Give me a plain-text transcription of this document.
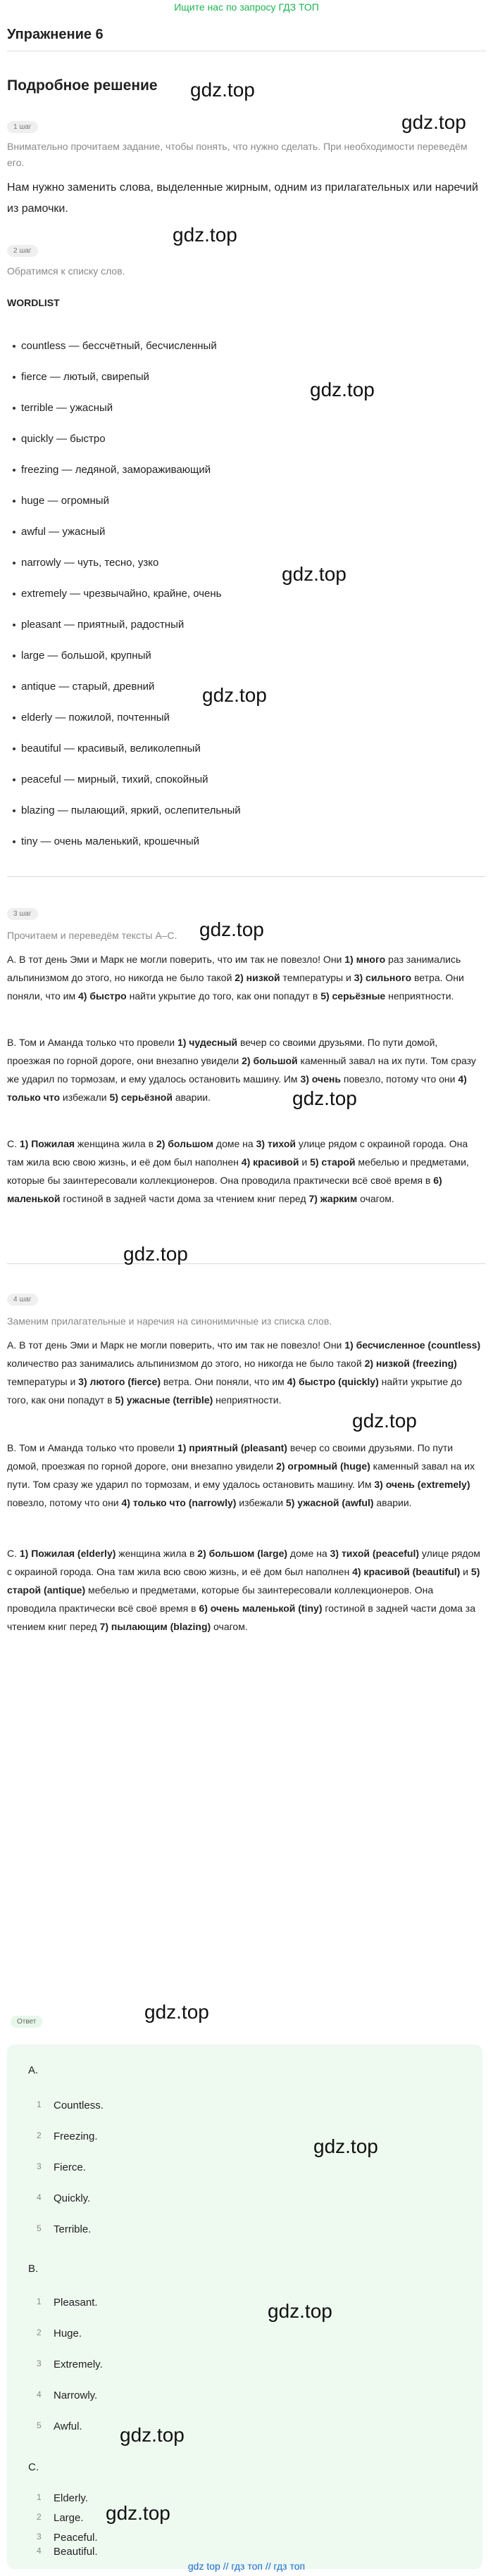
Ищите нас по запросу ГДЗ ТОП
Упражнение 6
Подробное решение
1 шаг
Внимательно прочитаем задание, чтобы понять, что нужно сделать. При необходимости переведём его.
Нам нужно заменить слова, выделенные жирным, одним из прилагательных или наречий из рамочки.
2 шаг
Обратимся к списку слов.
WORDLIST
countless — бессчётный, бесчисленный
fierce — лютый, свирепый
terrible — ужасный
quickly — быстро
freezing — ледяной, замораживающий
huge — огромный
awful — ужасный
narrowly — чуть, тесно, узко
extremely — чрезвычайно, крайне, очень
pleasant — приятный, радостный
large — большой, крупный
antique — старый, древний
elderly — пожилой, почтенный
beautiful — красивый, великолепный
peaceful — мирный, тихий, спокойный
blazing — пылающий, яркий, ослепительный
tiny — очень маленький, крошечный
3 шаг
Прочитаем и переведём тексты A–C.
A. В тот день Эми и Марк не могли поверить, что им так не повезло! Они 1) много раз занимались альпинизмом до этого, но никогда не было такой 2) низкой температуры и 3) сильного ветра. Они поняли, что им 4) быстро найти укрытие до того, как они попадут в 5) серьёзные неприятности.
B. Том и Аманда только что провели 1) чудесный вечер со своими друзьями. По пути домой, проезжая по горной дороге, они внезапно увидели 2) большой каменный завал на их пути. Том сразу же ударил по тормозам, и ему удалось остановить машину. Им 3) очень повезло, потому что они 4) только что избежали 5) серьёзной аварии.
C. 1) Пожилая женщина жила в 2) большом доме на 3) тихой улице рядом с окраиной города. Она там жила всю свою жизнь, и её дом был наполнен 4) красивой и 5) старой мебелью и предметами, которые бы заинтересовали коллекционеров. Она проводила практически всё своё время в 6) маленькой гостиной в задней части дома за чтением книг перед 7) жарким очагом.
4 шаг
Заменим прилагательные и наречия на синонимичные из списка слов.
A. В тот день Эми и Марк не могли поверить, что им так не повезло! Они 1) бесчисленное (countless) количество раз занимались альпинизмом до этого, но никогда не было такой 2) низкой (freezing) температуры и 3) лютого (fierce) ветра. Они поняли, что им 4) быстро (quickly) найти укрытие до того, как они попадут в 5) ужасные (terrible) неприятности.
B. Том и Аманда только что провели 1) приятный (pleasant) вечер со своими друзьями. По пути домой, проезжая по горной дороге, они внезапно увидели 2) огромный (huge) каменный завал на их пути. Том сразу же ударил по тормозам, и ему удалось остановить машину. Им 3) очень (extremely) повезло, потому что они 4) только что (narrowly) избежали 5) ужасной (awful) аварии.
C. 1) Пожилая (elderly) женщина жила в 2) большом (large) доме на 3) тихой (peaceful) улице рядом с окраиной города. Она там жила всю свою жизнь, и её дом был наполнен 4) красивой (beautiful) и 5) старой (antique) мебелью и предметами, которые бы заинтересовали коллекционеров. Она проводила практически всё своё время в 6) очень маленькой (tiny) гостиной в задней части дома за чтением книг перед 7) пылающим (blazing) очагом.
Ответ
A.
1 Countless.
2 Freezing.
3 Fierce.
4 Quickly.
5 Terrible.
B.
1 Pleasant.
2 Huge.
3 Extremely.
4 Narrowly.
5 Awful.
C.
1 Elderly.
2 Large.
3 Peaceful.
4 Beautiful.
gdz.top
gdz.top
gdz.top
gdz.top
gdz.top
gdz.top
gdz.top
gdz.top
gdz.top
gdz.top
gdz.top
gdz.top
gdz.top
gdz.top
gdz.top
gdz top // гдз топ // гдз топ
